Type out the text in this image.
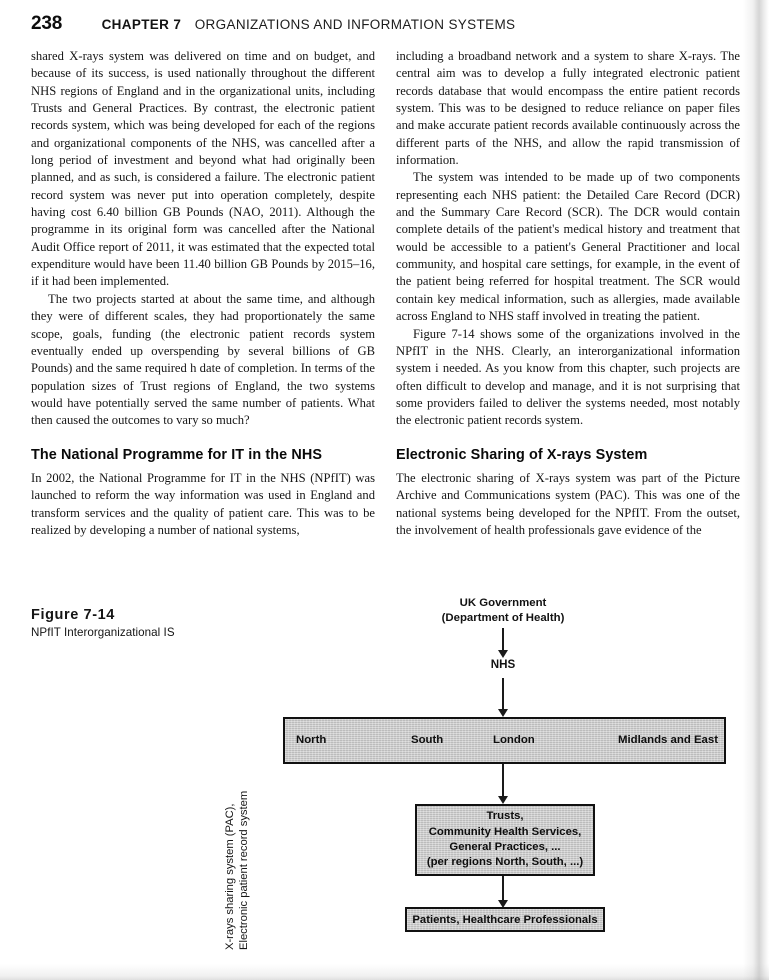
238	CHAPTER 7 ORGANIZATIONS AND INFORMATION SYSTEMS

shared X-rays system was delivered on time and on budget, and because of its success, is used nationally throughout the different NHS regions of England and in the organizational units, including Trusts and General Practices. By contrast, the electronic patient records system, which was being developed for each of the regions and organizational components of the NHS, was cancelled after a long period of investment and beyond what had originally been planned, and as such, is considered a failure. The electronic patient record system was never put into operation completely, despite having cost 6.40 billion GB Pounds (NAO, 2011). Although the programme in its original form was cancelled after the National Audit Office report of 2011, it was estimated that the expected total expenditure would have been 11.40 billion GB Pounds by 2015–16, if it had been implemented.

The two projects started at about the same time, and although they were of different scales, they had proportionately the same scope, goals, funding (the electronic patient records system eventually ended up overspending by several billions of GB Pounds) and the same required h date of completion. In terms of the population sizes of Trust regions of England, the two systems would have potentially served the same number of patients. What then caused the outcomes to vary so much?

The National Programme for IT in the NHS

In 2002, the National Programme for IT in the NHS (NPfIT) was launched to reform the way information was used in England and transform services and the quality of patient care. This was to be realized by developing a number of national systems,

including a broadband network and a system to share X-rays. The central aim was to develop a fully integrated electronic patient records database that would encompass the entire patient records system. This was to be designed to reduce reliance on paper files and make accurate patient records available continuously across the different parts of the NHS, and allow the rapid transmission of information.

The system was intended to be made up of two components representing each NHS patient: the Detailed Care Record (DCR) and the Summary Care Record (SCR). The DCR would contain complete details of the patient's medical history and treatment that would be accessible to a patient's General Practitioner and local community, and hospital care settings, for example, in the event of the patient being referred for hospital treatment. The SCR would contain key medical information, such as allergies, made available across England to NHS staff involved in treating the patient.

Figure 7-14 shows some of the organizations involved in the NPfIT in the NHS. Clearly, an interorganizational information system i needed. As you know from this chapter, such projects are often difficult to develop and manage, and it is not surprising that some providers failed to deliver the systems needed, most notably the electronic patient records system.

Electronic Sharing of X-rays System

The electronic sharing of X-rays system was part of the Picture Archive and Communications system (PAC). This was one of the national systems being developed for the NPfIT. From the outset, the involvement of health professionals gave evidence of the

Figure 7-14
NPfIT Interorganizational IS
UK Government
(Department of Health)
NHS
North	South	London	Midlands and East
Trusts,
Community Health Services,
General Practices, ...
(per regions North, South, ...)
Patients, Healthcare Professionals
X-rays sharing system (PAC), Electronic patient record system
